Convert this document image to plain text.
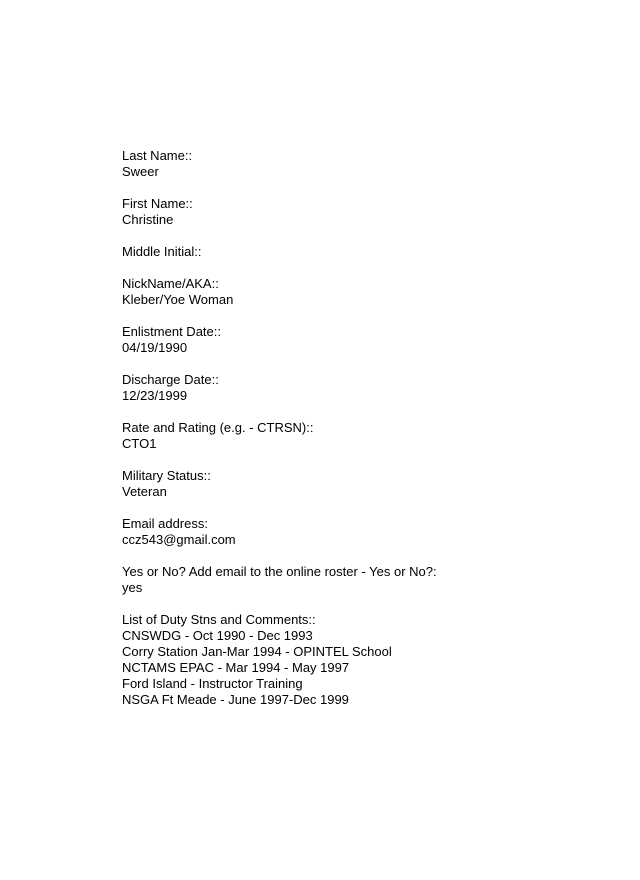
Last Name::
Sweer
First Name::
Christine
Middle Initial::
NickName/AKA::
Kleber/Yoe Woman
Enlistment Date::
04/19/1990
Discharge Date::
12/23/1999
Rate and Rating (e.g. - CTRSN)::
CTO1
Military Status::
Veteran
Email address:
ccz543@gmail.com
Yes or No? Add email to the online roster - Yes or No?:
yes
List of Duty Stns and Comments::
CNSWDG - Oct 1990 - Dec 1993
Corry Station Jan-Mar 1994 - OPINTEL School
NCTAMS EPAC - Mar 1994 - May 1997
Ford Island - Instructor Training
NSGA Ft Meade - June 1997-Dec 1999
